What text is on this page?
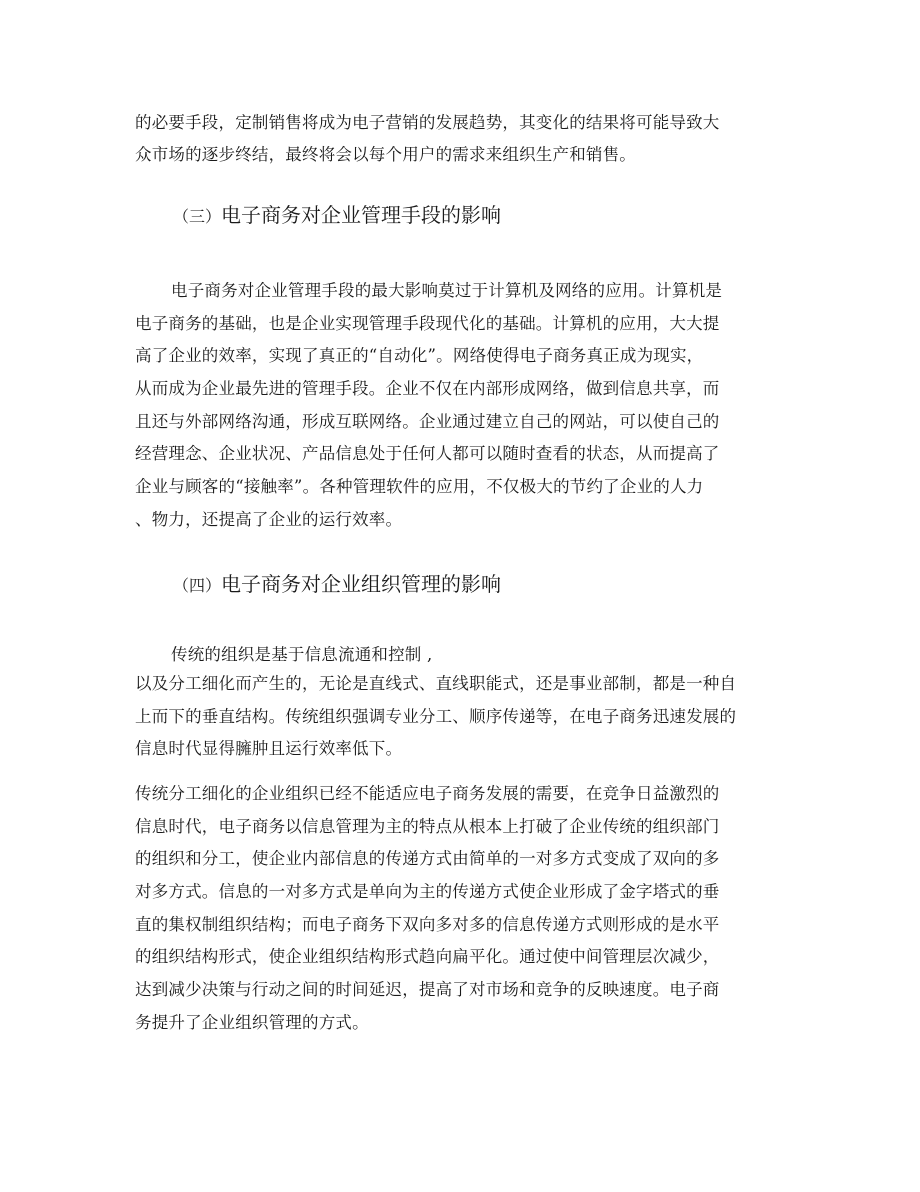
的必要手段，定制销售将成为电子营销的发展趋势，其变化的结果将可能导致大
众市场的逐步终结，最终将会以每个用户的需求来组织生产和销售。
（三）电子商务对企业管理手段的影响
电子商务对企业管理手段的最大影响莫过于计算机及网络的应用。计算机是
电子商务的基础，也是企业实现管理手段现代化的基础。计算机的应用，大大提
高了企业的效率，实现了真正的“自动化”。网络使得电子商务真正成为现实，
从而成为企业最先进的管理手段。企业不仅在内部形成网络，做到信息共享，而
且还与外部网络沟通，形成互联网络。企业通过建立自己的网站，可以使自己的
经营理念、企业状况、产品信息处于任何人都可以随时查看的状态，从而提高了
企业与顾客的“接触率”。各种管理软件的应用，不仅极大的节约了企业的人力
、物力，还提高了企业的运行效率。
（四）电子商务对企业组织管理的影响
传统的组织是基于信息流通和控制 ,
以及分工细化而产生的，无论是直线式、直线职能式，还是事业部制，都是一种自
上而下的垂直结构。传统组织强调专业分工、顺序传递等，在电子商务迅速发展的
信息时代显得臃肿且运行效率低下。
传统分工细化的企业组织已经不能适应电子商务发展的需要，在竞争日益激烈的
信息时代，电子商务以信息管理为主的特点从根本上打破了企业传统的组织部门
的组织和分工，使企业内部信息的传递方式由简单的一对多方式变成了双向的多
对多方式。信息的一对多方式是单向为主的传递方式使企业形成了金字塔式的垂
直的集权制组织结构；而电子商务下双向多对多的信息传递方式则形成的是水平
的组织结构形式，使企业组织结构形式趋向扁平化。通过使中间管理层次减少，
达到减少决策与行动之间的时间延迟，提高了对市场和竞争的反映速度。电子商
务提升了企业组织管理的方式。
